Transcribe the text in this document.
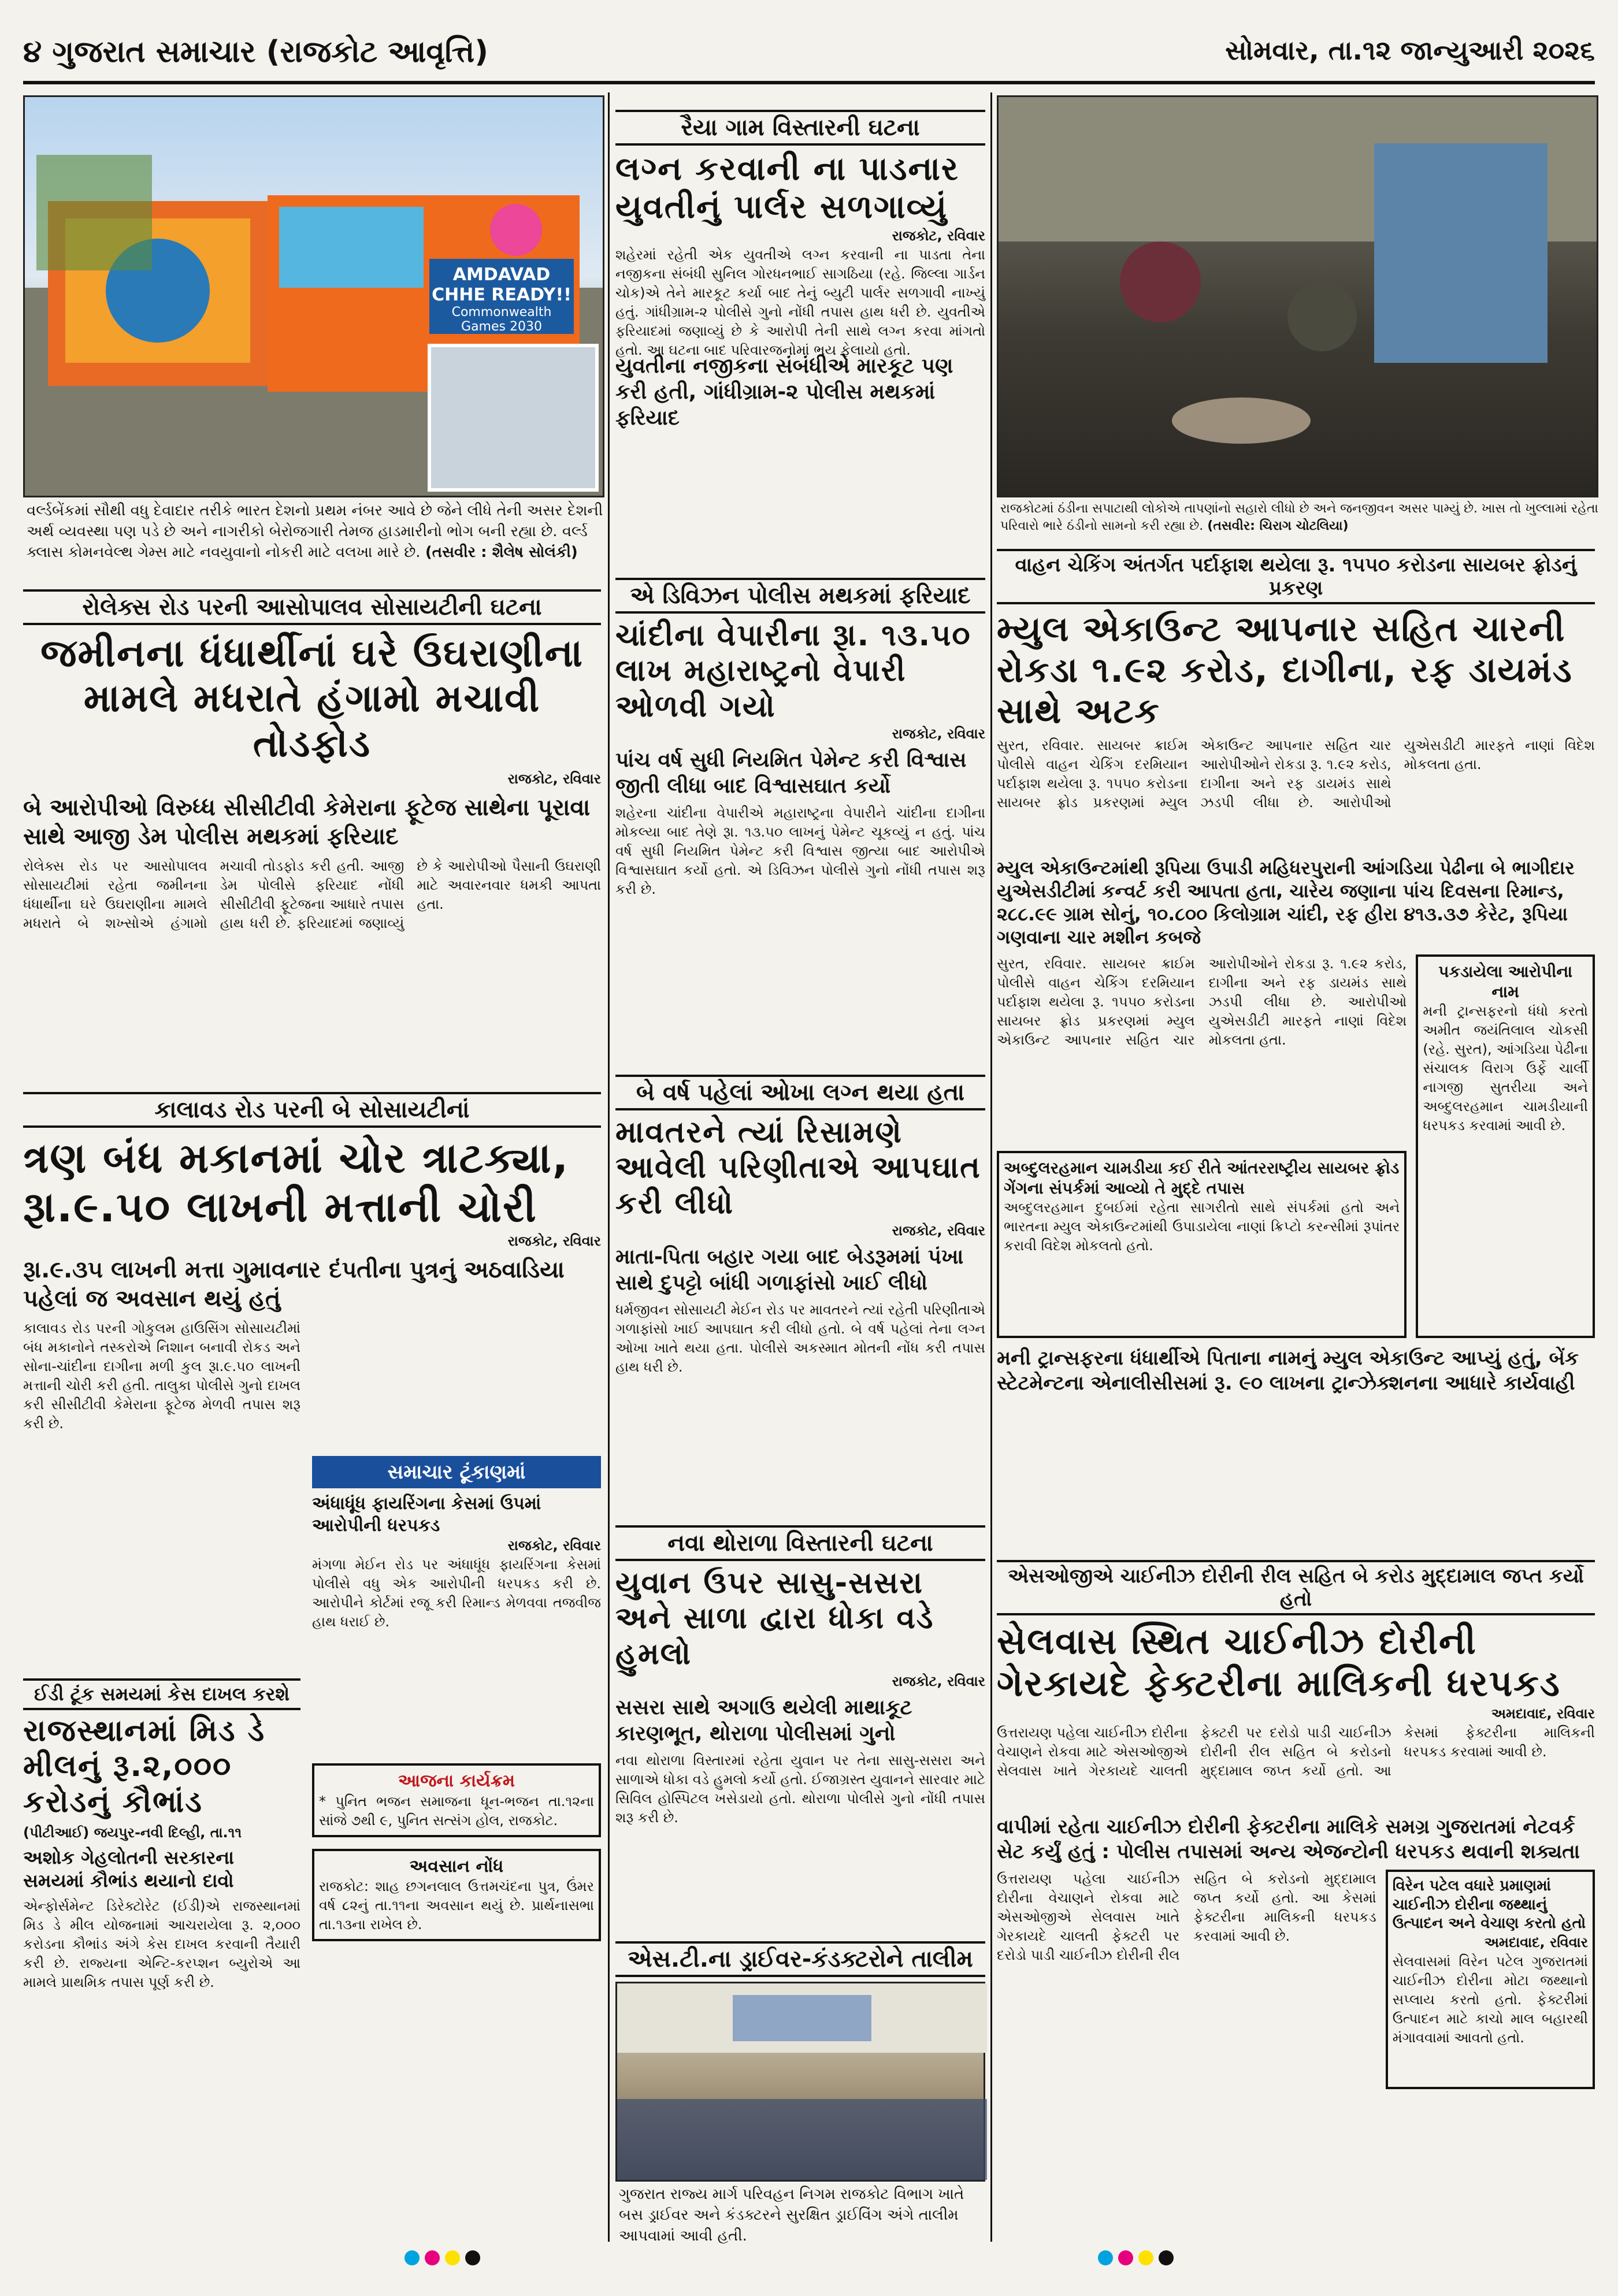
૪ ગુજરાત સમાચાર (રાજકોટ આવૃત્તિ)	સોમવાર, તા.૧૨ જાન્યુઆરી ૨૦૨૬
AMDAVAD CHHE READY!!
Commonwealth Games 2030
વર્લ્ડબેંકમાં સૌથી વધુ દેવાદાર તરીકે ભારત દેશનો પ્રથમ નંબર આવે છે જેને લીધે તેની અસર દેશની અર્થ વ્યવસ્થા પણ પડે છે અને નાગરીકો બેરોજગારી તેમજ હાડમારીનો ભોગ બની રહ્યા છે. વર્લ્ડ ક્લાસ કોમનવેલ્થ ગેમ્સ માટે નવયુવાનો નોકરી માટે વલખા મારે છે. (તસવીર : શૈલેષ સોલંકી)
રોલેક્સ રોડ પરની આસોપાલવ સોસાયટીની ઘટના
જમીનના ધંધાર્થીનાં ઘરે ઉઘરાણીના મામલે મધરાતે હંગામો મચાવી તોડફોડ
રાજકોટ, રવિવાર
બે આરોપીઓ વિરુધ્ધ સીસીટીવી કેમેરાના ફૂટેજ સાથેના પૂરાવા સાથે આજી ડેમ પોલીસ મથકમાં ફરિયાદ
રોલેક્સ રોડ પર આસોપાલવ સોસાયટીમાં રહેતા જમીનના ધંધાર્થીના ઘરે ઉઘરાણીના મામલે મધરાતે બે શખ્સોએ હંગામો મચાવી તોડફોડ કરી હતી. આજી ડેમ પોલીસે ફરિયાદ નોંધી સીસીટીવી ફૂટેજના આધારે તપાસ હાથ ધરી છે. ફરિયાદમાં જણાવ્યું છે કે આરોપીઓ પૈસાની ઉઘરાણી માટે અવારનવાર ધમકી આપતા હતા.
કાલાવડ રોડ પરની બે સોસાયટીનાં
ત્રણ બંધ મકાનમાં ચોર ત્રાટક્યા, રૂા.૯.૫૦ લાખની મત્તાની ચોરી
રાજકોટ, રવિવાર
રૂા.૯.૩૫ લાખની મત્તા ગુમાવનાર દંપતીના પુત્રનું અઠવાડિયા પહેલાં જ અવસાન થયું હતું
કાલાવડ રોડ પરની ગોકુલમ હાઉસિંગ સોસાયટીમાં બંધ મકાનોને તસ્કરોએ નિશાન બનાવી રોકડ અને સોના-ચાંદીના દાગીના મળી કુલ રૂા.૯.૫૦ લાખની મત્તાની ચોરી કરી હતી. તાલુકા પોલીસે ગુનો દાખલ કરી સીસીટીવી કેમેરાના ફૂટેજ મેળવી તપાસ શરૂ કરી છે.
સમાચાર ટૂંકાણમાં
અંધાધૂંધ ફાયરિંગના કેસમાં ઉપમાં આરોપીની ધરપકડ
રાજકોટ, રવિવાર
મંગળા મેઈન રોડ પર અંધાધૂંધ ફાયરિંગના કેસમાં પોલીસે વધુ એક આરોપીની ધરપકડ કરી છે. આરોપીને કોર્ટમાં રજૂ કરી રિમાન્ડ મેળવવા તજવીજ હાથ ધરાઈ છે.
આજના કાર્યક્રમ
* પુનિત ભજન સમાજના ધૂન-ભજન તા.૧૨ના સાંજે ૭થી ૯, પુનિત સત્સંગ હોલ, રાજકોટ.
અવસાન નોંધ
રાજકોટ: શાહ છગનલાલ ઉત્તમચંદના પુત્ર, ઉંમર વર્ષ ૮૨નું તા.૧૧ના અવસાન થયું છે. પ્રાર્થનાસભા તા.૧૩ના રાખેલ છે.
ઈડી ટૂંક સમયમાં કેસ દાખલ કરશે
રાજસ્થાનમાં મિડ ડે મીલનું રૂ.૨,૦૦૦ કરોડનું કૌભાંડ
(પીટીઆઈ) જયપુર-નવી દિલ્હી, તા.૧૧
અશોક ગેહલોતની સરકારના સમયમાં કૌભાંડ થયાનો દાવો
એન્ફોર્સમેન્ટ ડિરેક્ટોરેટ (ઈડી)એ રાજસ્થાનમાં મિડ ડે મીલ યોજનામાં આચરાયેલા રૂ. ૨,૦૦૦ કરોડના કૌભાંડ અંગે કેસ દાખલ કરવાની તૈયારી કરી છે. રાજ્યના એન્ટિ-કરપ્શન બ્યુરોએ આ મામલે પ્રાથમિક તપાસ પૂર્ણ કરી છે.
રૈયા ગામ વિસ્તારની ઘટના
લગ્ન કરવાની ના પાડનાર યુવતીનું પાર્લર સળગાવ્યું
રાજકોટ, રવિવાર
શહેરમાં રહેતી એક યુવતીએ લગ્ન કરવાની ના પાડતા તેના નજીકના સંબંધી સુનિલ ગોરધનભાઈ સાગઠિયા (રહે. જિલ્લા ગાર્ડન ચોક)એ તેને મારકૂટ કર્યા બાદ તેનું બ્યુટી પાર્લર સળગાવી નાખ્યું હતું. ગાંધીગ્રામ-૨ પોલીસે ગુનો નોંધી તપાસ હાથ ધરી છે. યુવતીએ ફરિયાદમાં જણાવ્યું છે કે આરોપી તેની સાથે લગ્ન કરવા માંગતો હતો. આ ઘટના બાદ પરિવારજનોમાં ભય ફેલાયો હતો.
યુવતીના નજીકના સંબંધીએ મારકૂટ પણ કરી હતી, ગાંધીગ્રામ-૨ પોલીસ મથકમાં ફરિયાદ
એ ડિવિઝન પોલીસ મથકમાં ફરિયાદ
ચાંદીના વેપારીના રૂા. ૧૩.૫૦ લાખ મહારાષ્ટ્રનો વેપારી ઓળવી ગયો
રાજકોટ, રવિવાર
પાંચ વર્ષ સુધી નિયમિત પેમેન્ટ કરી વિશ્વાસ જીતી લીધા બાદ વિશ્વાસઘાત કર્યો
શહેરના ચાંદીના વેપારીએ મહારાષ્ટ્રના વેપારીને ચાંદીના દાગીના મોકલ્યા બાદ તેણે રૂા. ૧૩.૫૦ લાખનું પેમેન્ટ ચૂકવ્યું ન હતું. પાંચ વર્ષ સુધી નિયમિત પેમેન્ટ કરી વિશ્વાસ જીત્યા બાદ આરોપીએ વિશ્વાસઘાત કર્યો હતો. એ ડિવિઝન પોલીસે ગુનો નોંધી તપાસ શરૂ કરી છે.
બે વર્ષ પહેલાં ઓખા લગ્ન થયા હતા
માવતરને ત્યાં રિસામણે આવેલી પરિણીતાએ આપઘાત કરી લીધો
રાજકોટ, રવિવાર
માતા-પિતા બહાર ગયા બાદ બેડરૂમમાં પંખા સાથે દુપટ્ટો બાંધી ગળાફાંસો ખાઈ લીધો
ધર્મજીવન સોસાયટી મેઈન રોડ પર માવતરને ત્યાં રહેતી પરિણીતાએ ગળાફાંસો ખાઈ આપઘાત કરી લીધો હતો. બે વર્ષ પહેલાં તેના લગ્ન ઓખા ખાતે થયા હતા. પોલીસે અકસ્માત મોતની નોંધ કરી તપાસ હાથ ધરી છે.
નવા થોરાળા વિસ્તારની ઘટના
યુવાન ઉપર સાસુ-સસરા અને સાળા દ્વારા ધોકા વડે હુમલો
રાજકોટ, રવિવાર
સસરા સાથે અગાઉ થયેલી માથાકૂટ કારણભૂત, થોરાળા પોલીસમાં ગુનો
નવા થોરાળા વિસ્તારમાં રહેતા યુવાન પર તેના સાસુ-સસરા અને સાળાએ ધોકા વડે હુમલો કર્યો હતો. ઈજાગ્રસ્ત યુવાનને સારવાર માટે સિવિલ હોસ્પિટલ ખસેડાયો હતો. થોરાળા પોલીસે ગુનો નોંધી તપાસ શરૂ કરી છે.
એસ.ટી.ના ડ્રાઈવર-કંડક્ટરોને તાલીમ
ગુજરાત રાજ્ય માર્ગ પરિવહન નિગમ રાજકોટ વિભાગ ખાતે બસ ડ્રાઈવર અને કંડક્ટરને સુરક્ષિત ડ્રાઈવિંગ અંગે તાલીમ આપવામાં આવી હતી.
રાજકોટમાં ઠંડીના સપાટાથી લોકોએ તાપણાંનો સહારો લીધો છે અને જનજીવન અસર પામ્યું છે. ખાસ તો ખુલ્લામાં રહેતા પરિવારો ભારે ઠંડીનો સામનો કરી રહ્યા છે. (તસવીર: ચિરાગ ચોટલિયા)
વાહન ચેકિંગ અંતર્ગત પર્દાફાશ થયેલા રૂ. ૧૫૫૦ કરોડના સાયબર ફ્રોડનું પ્રકરણ
મ્યુલ એકાઉન્ટ આપનાર સહિત ચારની રોકડા ૧.૯૨ કરોડ, દાગીના, રફ ડાયમંડ સાથે અટક
સુરત, રવિવાર. સાયબર ક્રાઈમ પોલીસે વાહન ચેકિંગ દરમિયાન પર્દાફાશ થયેલા રૂ. ૧૫૫૦ કરોડના સાયબર ફ્રોડ પ્રકરણમાં મ્યુલ એકાઉન્ટ આપનાર સહિત ચાર આરોપીઓને રોકડા રૂ. ૧.૯૨ કરોડ, દાગીના અને રફ ડાયમંડ સાથે ઝડપી લીધા છે. આરોપીઓ યુએસડીટી મારફતે નાણાં વિદેશ મોકલતા હતા.
મ્યુલ એકાઉન્ટમાંથી રૂપિયા ઉપાડી મહિધરપુરાની આંગડિયા પેઢીના બે ભાગીદાર યુએસડીટીમાં કન્વર્ટ કરી આપતા હતા, ચારેય જણાના પાંચ દિવસના રિમાન્ડ, ૨૮૮.૯૯ ગ્રામ સોનું, ૧૦.૮૦૦ કિલોગ્રામ ચાંદી, રફ હીરા ૪૧૩.૩૭ કેરેટ, રૂપિયા ગણવાના ચાર મશીન કબજે
સુરત, રવિવાર. સાયબર ક્રાઈમ પોલીસે વાહન ચેકિંગ દરમિયાન પર્દાફાશ થયેલા રૂ. ૧૫૫૦ કરોડના સાયબર ફ્રોડ પ્રકરણમાં મ્યુલ એકાઉન્ટ આપનાર સહિત ચાર આરોપીઓને રોકડા રૂ. ૧.૯૨ કરોડ, દાગીના અને રફ ડાયમંડ સાથે ઝડપી લીધા છે. આરોપીઓ યુએસડીટી મારફતે નાણાં વિદેશ મોકલતા હતા.
અબ્દુલરહમાન ચામડીયા કઈ રીતે આંતરરાષ્ટ્રીય સાયબર ફ્રોડ ગેંગના સંપર્કમાં આવ્યો તે મુદ્દે તપાસ
અબ્દુલરહમાન દુબઈમાં રહેતા સાગરીતો સાથે સંપર્કમાં હતો અને ભારતના મ્યુલ એકાઉન્ટમાંથી ઉપાડાયેલા નાણાં ક્રિપ્ટો કરન્સીમાં રૂપાંતર કરાવી વિદેશ મોકલતો હતો.
પકડાયેલા આરોપીના નામ
મની ટ્રાન્સફરનો ધંધો કરતો અમીત જયંતિલાલ ચોકસી (રહે. સુરત), આંગડિયા પેઢીના સંચાલક વિરાગ ઉર્ફે ચાર્લી નાગજી સુતરીયા અને અબ્દુલરહમાન ચામડીયાની ધરપકડ કરવામાં આવી છે.
મની ટ્રાન્સફરના ધંધાર્થીએ પિતાના નામનું મ્યુલ એકાઉન્ટ આપ્યું હતું, બેંક સ્ટેટમેન્ટના એનાલીસીસમાં રૂ. ૯૦ લાખના ટ્રાન્ઝેક્શનના આધારે કાર્યવાહી
એસઓજીએ ચાઈનીઝ દોરીની રીલ સહિત બે કરોડ મુદ્દામાલ જપ્ત કર્યો હતો
સેલવાસ સ્થિત ચાઈનીઝ દોરીની ગેરકાયદે ફેક્ટરીના માલિકની ધરપકડ
અમદાવાદ, રવિવાર
ઉત્તરાયણ પહેલા ચાઈનીઝ દોરીના વેચાણને રોકવા માટે એસઓજીએ સેલવાસ ખાતે ગેરકાયદે ચાલતી ફેક્ટરી પર દરોડો પાડી ચાઈનીઝ દોરીની રીલ સહિત બે કરોડનો મુદ્દામાલ જપ્ત કર્યો હતો. આ કેસમાં ફેક્ટરીના માલિકની ધરપકડ કરવામાં આવી છે.
વાપીમાં રહેતા ચાઈનીઝ દોરીની ફેક્ટરીના માલિકે સમગ્ર ગુજરાતમાં નેટવર્ક સેટ કર્યું હતું : પોલીસ તપાસમાં અન્ય એજન્ટોની ધરપકડ થવાની શક્યતા
ઉત્તરાયણ પહેલા ચાઈનીઝ દોરીના વેચાણને રોકવા માટે એસઓજીએ સેલવાસ ખાતે ગેરકાયદે ચાલતી ફેક્ટરી પર દરોડો પાડી ચાઈનીઝ દોરીની રીલ સહિત બે કરોડનો મુદ્દામાલ જપ્ત કર્યો હતો. આ કેસમાં ફેક્ટરીના માલિકની ધરપકડ કરવામાં આવી છે.
વિરેન પટેલ વધારે પ્રમાણમાં ચાઈનીઝ દોરીના જથ્થાનું ઉત્પાદન અને વેચાણ કરતો હતો
અમદાવાદ, રવિવાર
સેલવાસમાં વિરેન પટેલ ગુજરાતમાં ચાઈનીઝ દોરીના મોટા જથ્થાનો સપ્લાય કરતો હતો. ફેક્ટરીમાં ઉત્પાદન માટે કાચો માલ બહારથી મંગાવવામાં આવતો હતો.
